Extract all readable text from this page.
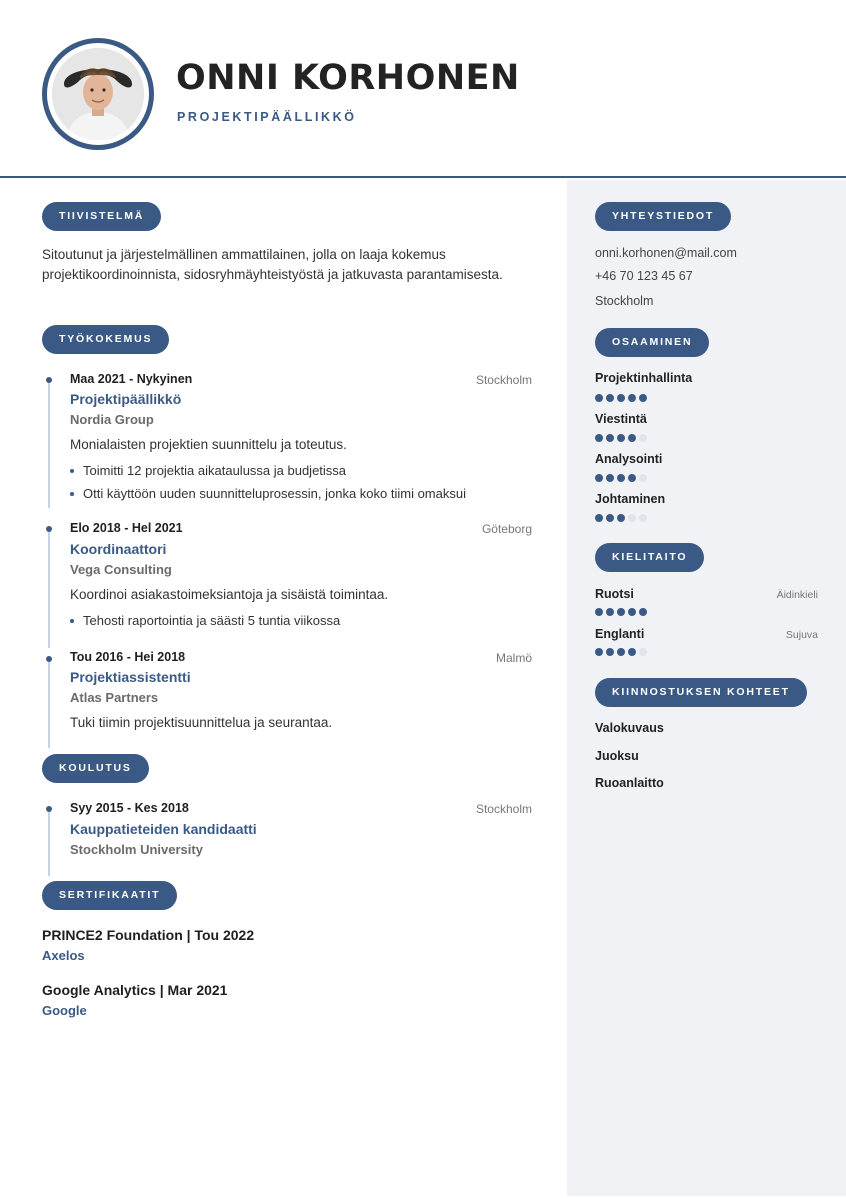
ONNI KORHONEN
PROJEKTIPÄÄLLIKKÖ
TIIVISTELMÄ
Sitoutunut ja järjestelmällinen ammattilainen, jolla on laaja kokemus projektikoordinoinnista, sidosryhmäyhteistyöstä ja jatkuvasta parantamisesta.
TYÖKOKEMUS
Maa 2021 - Nykyinen	Stockholm
Projektipäällikkö
Nordia Group
Monialaisten projektien suunnittelu ja toteutus.
Toimitti 12 projektia aikataulussa ja budjetissa
Otti käyttöön uuden suunnitteluprosessin, jonka koko tiimi omaksui
Elo 2018 - Hel 2021	Göteborg
Koordinaattori
Vega Consulting
Koordinoi asiakastoimeksiantoja ja sisäistä toimintaa.
Tehosti raportointia ja säästi 5 tuntia viikossa
Tou 2016 - Hei 2018	Malmö
Projektiassistentti
Atlas Partners
Tuki tiimin projektisuunnittelua ja seurantaa.
KOULUTUS
Syy 2015 - Kes 2018	Stockholm
Kauppatieteiden kandidaatti
Stockholm University
SERTIFIKAATIT
PRINCE2 Foundation | Tou 2022
Axelos
Google Analytics | Mar 2021
Google
YHTEYSTIEDOT
onni.korhonen@mail.com
+46 70 123 45 67
Stockholm
OSAAMINEN
Projektinhallinta
Viestintä
Analysointi
Johtaminen
KIELITAITO
Ruotsi	Äidinkieli
Englanti	Sujuva
KIINNOSTUKSEN KOHTEET
Valokuvaus
Juoksu
Ruoanlaitto
